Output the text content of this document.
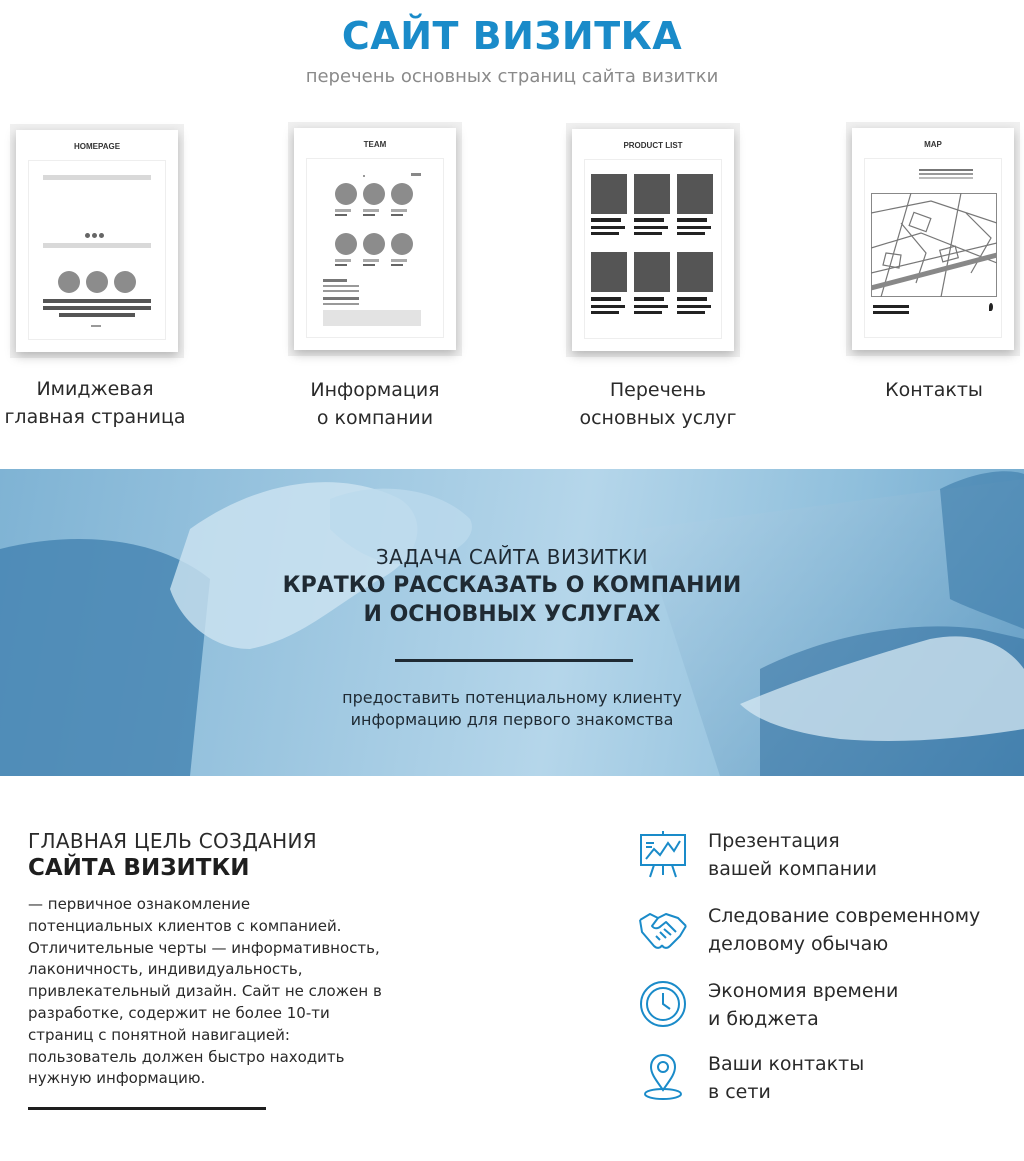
САЙТ ВИЗИТКА
перечень основных страниц сайта визитки
HOMEPAGE
Имиджевая
главная страница
TEAM
Информация
о компании
PRODUCT LIST
Перечень
основных услуг
MAP
Контакты
ЗАДАЧА САЙТА ВИЗИТКИ
КРАТКО РАССКАЗАТЬ О КОМПАНИИ
И ОСНОВНЫХ УСЛУГАХ
предоставить потенциальному клиенту
информацию для первого знакомства
ГЛАВНАЯ ЦЕЛЬ СОЗДАНИЯ
САЙТА ВИЗИТКИ
— первичное ознакомление
потенциальных клиентов с компанией.
Отличительные черты — информативность,
лаконичность, индивидуальность,
привлекательный дизайн. Сайт не сложен в
разработке, содержит не более 10-ти
страниц с понятной навигацией:
пользователь должен быстро находить
нужную информацию.
Презентация
вашей компании
Следование современному
деловому обычаю
Экономия времени
и бюджета
Ваши контакты
в сети
